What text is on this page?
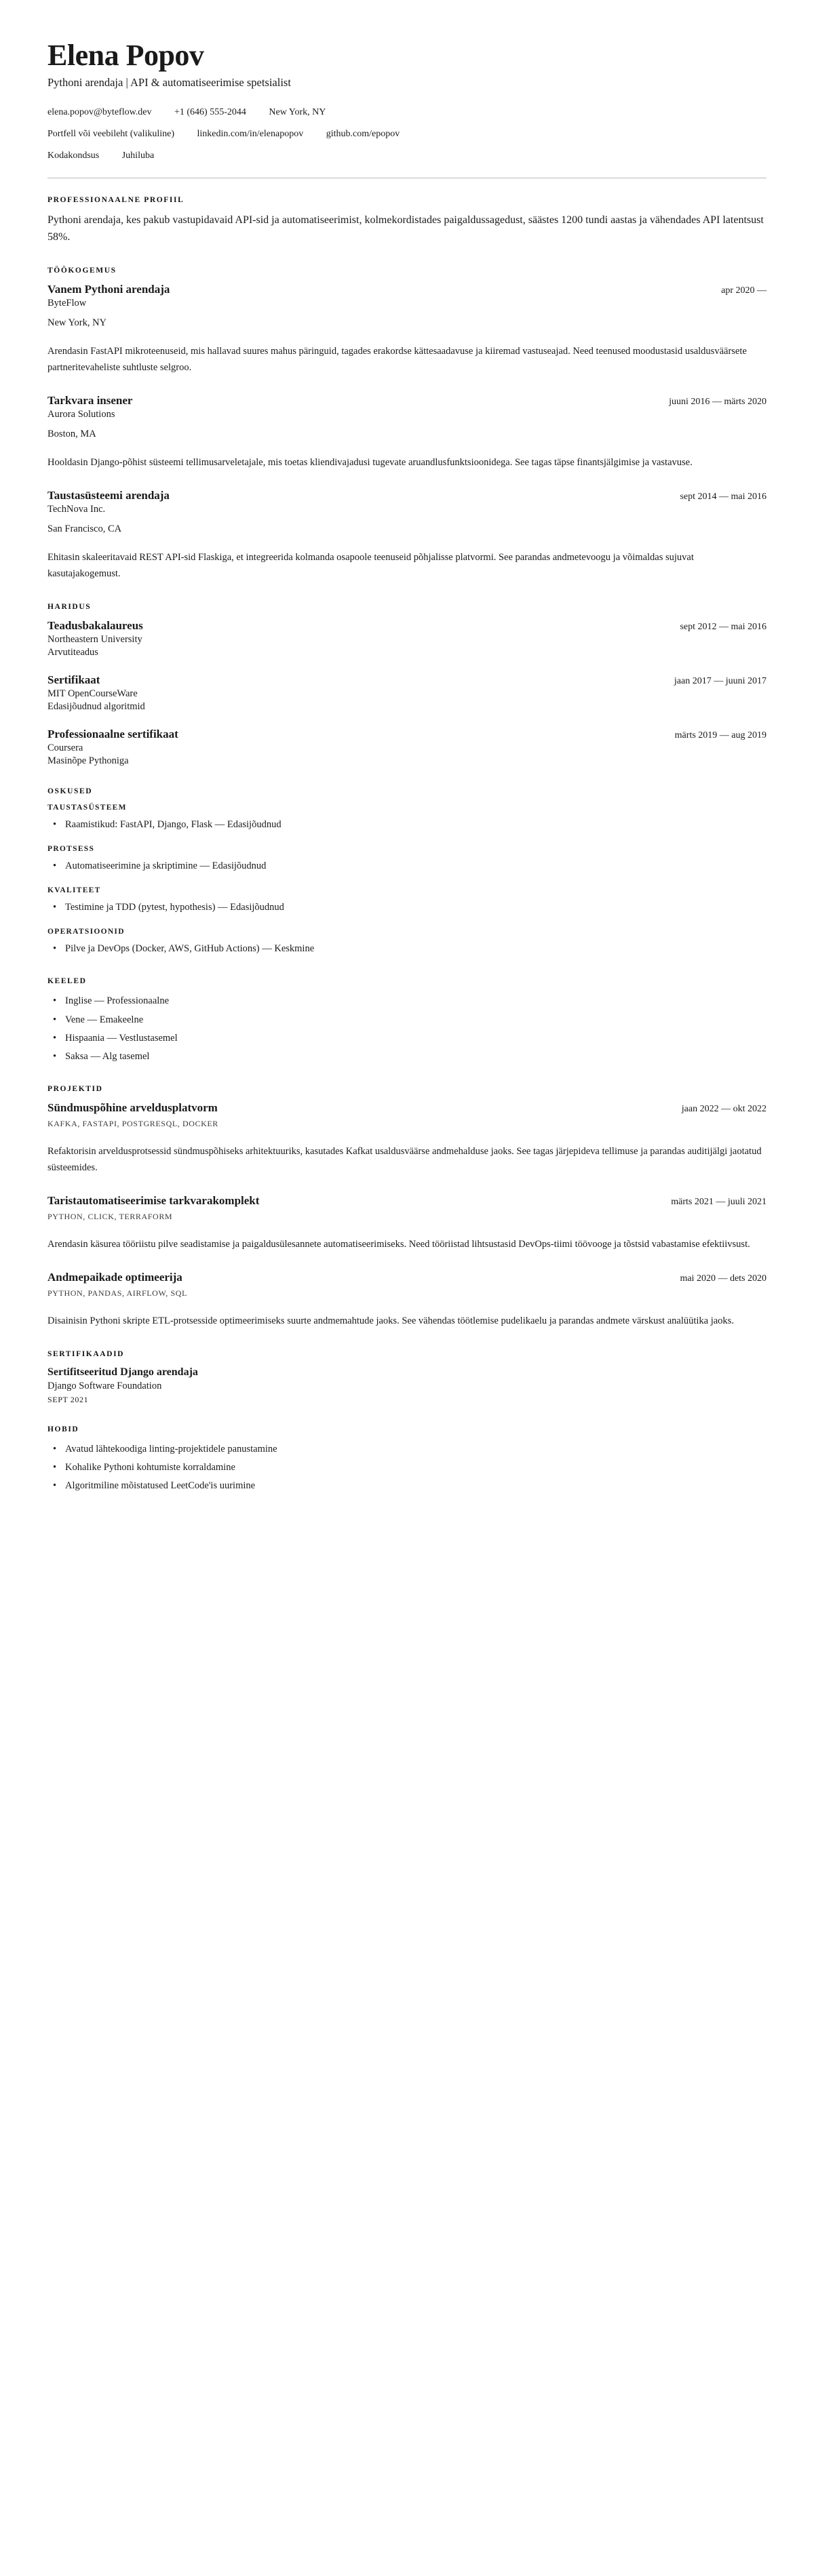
Elena Popov

Pythoni arendaja | API & automatiseerimise spetsialist

elena.popov@byteflow.dev +1 (646) 555-2044 New York, NY

Portfell või veebileht (valikuline) linkedin.com/in/elenapopov github.com/epopov

Kodakondsus Juhiluba

PROFESSIONAALNE PROFIIL

Pythoni arendaja, kes pakub vastupidavaid API-sid ja automatiseerimist, kolmekordistades paigaldussagedust, säästes 1200 tundi aastas ja vähendades API latentsust 58%.

TÖÖKOGEMUS
Vanem Pythoni arendaja	apr 2020 —

ByteFlow

New York, NY

Arendasin FastAPI mikroteenuseid, mis hallavad suures mahus päringuid, tagades erakordse kättesaadavuse ja kiiremad vastuseajad. Need teenused moodustasid usaldusväärsete partneritevaheliste suhtluste selgroo.

Tarkvara insener	juuni 2016 — märts 2020

Aurora Solutions

Boston, MA

Hooldasin Django-põhist süsteemi tellimusarveletajale, mis toetas kliendivajadusi tugevate aruandlusfunktsioonidega. See tagas täpse finantsjälgimise ja vastavuse.

Taustasüsteemi arendaja	sept 2014 — mai 2016

TechNova Inc.

San Francisco, CA

Ehitasin skaleeritavaid REST API-sid Flaskiga, et integreerida kolmanda osapoole teenuseid põhjalisse platvormi. See parandas andmetevoogu ja võimaldas sujuvat kasutajakogemust.

HARIDUS
Teadusbakalaureus	sept 2012 — mai 2016

Northeastern University

Arvutiteadus

Sertifikaat	jaan 2017 — juuni 2017

MIT OpenCourseWare

Edasijõudnud algoritmid

Professionaalne sertifikaat	märts 2019 — aug 2019

Coursera

Masinõpe Pythoniga

OSKUSED
TAUSTASÜSTEEM
• Raamistikud: FastAPI, Django, Flask — Edasijõudnud
PROTSESS
• Automatiseerimine ja skriptimine — Edasijõudnud
KVALITEET
• Testimine ja TDD (pytest, hypothesis) — Edasijõudnud
OPERATSIOONID
• Pilve ja DevOps (Docker, AWS, GitHub Actions) — Keskmine
KEELED
• Inglise — Professionaalne
• Vene — Emakeelne
• Hispaania — Vestlustasemel
• Saksa — Alg tasemel
PROJEKTID
Sündmuspõhine arveldusplatvorm	jaan 2022 — okt 2022

KAFKA, FASTAPI, POSTGRESQL, DOCKER

Refaktorisin arveldusprotsessid sündmuspõhiseks arhitektuuriks, kasutades Kafkat usaldusväärse andmehalduse jaoks. See tagas järjepideva tellimuse ja parandas auditijälgi jaotatud süsteemides.

Taristautomatiseerimise tarkvarakomplekt	märts 2021 — juuli 2021

PYTHON, CLICK, TERRAFORM

Arendasin käsurea tööriistu pilve seadistamise ja paigaldusülesannete automatiseerimiseks. Need tööriistad lihtsustasid DevOps-tiimi töövooge ja tõstsid vabastamise efektiivsust.

Andmepaikade optimeerija	mai 2020 — dets 2020

PYTHON, PANDAS, AIRFLOW, SQL

Disainisin Pythoni skripte ETL-protsesside optimeerimiseks suurte andmemahtude jaoks. See vähendas töötlemise pudelikaelu ja parandas andmete värskust analüütika jaoks.

SERTIFIKAADID

Sertifitseeritud Django arendaja

Django Software Foundation

SEPT 2021

HOBID
• Avatud lähtekoodiga linting-projektidele panustamine
• Kohalike Pythoni kohtumiste korraldamine
• Algoritmiline mõistatused LeetCode'is uurimine
